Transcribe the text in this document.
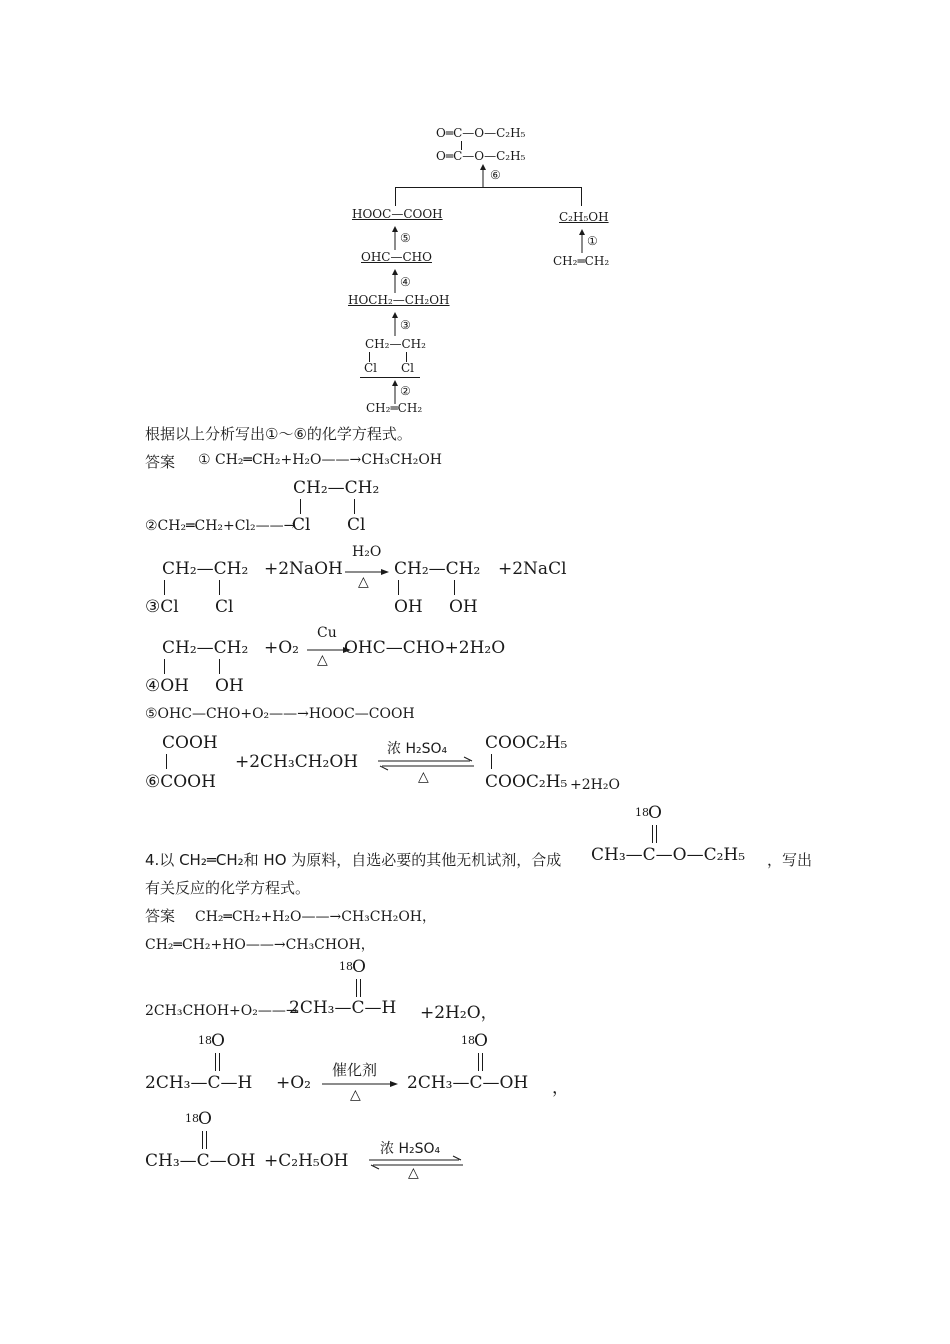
O═C—O—C₂H₅
O═C—O—C₂H₅
⑥
HOOC—COOH
⑤
OHC—CHO
④
HOCH₂—CH₂OH
③
CH₂—CH₂
Cl Cl
②
CH₂═CH₂
C₂H₅OH
①
CH₂═CH₂
根据以上分析写出①～⑥的化学方程式。
答案 ① CH₂═CH₂+H₂O——→CH₃CH₂OH
CH₂—CH₂
②CH₂═CH₂+Cl₂——→
Cl Cl
CH₂—CH₂ +2NaOH
H₂O
△
CH₂—CH₂ +2NaCl
③Cl Cl	OH OH
CH₂—CH₂ +O₂
Cu
△
OHC—CHO+2H₂O
④OH OH
⑤OHC—CHO+O₂——→HOOC—COOH
COOH
⑥COOH
+2CH₃CH₂OH
浓 H₂SO₄
△
COOC₂H₅
COOC₂H₅ +2H₂O
18 O
4.以 CH₂═CH₂和 HO 为原料，自选必要的其他无机试剂，合成 CH₃—C—O—C₂H₅ ，写出
有关反应的化学方程式。
答案 CH₂═CH₂+H₂O——→CH₃CH₂OH，
CH₂═CH₂+HO——→CH₃CHOH，
18 O
2CH₃CHOH+O₂——→
2CH₃—C—H +2H₂O，
18 O
2CH₃—C—H +O₂
催化剂
△
18 O
2CH₃—C—OH ，
18 O
CH₃—C—OH +C₂H₅OH
浓 H₂SO₄
△
